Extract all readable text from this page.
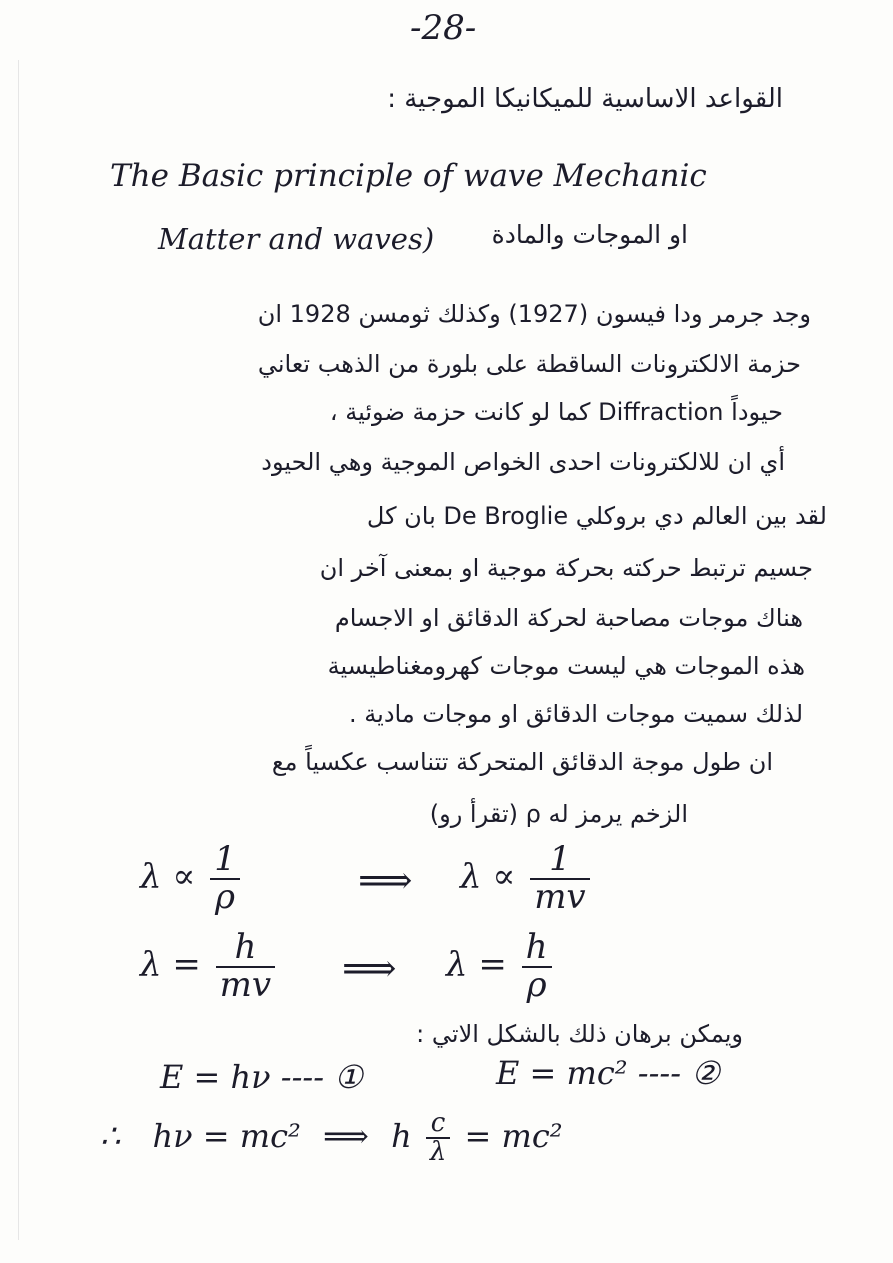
-28-
القواعد الاساسية للميكانيكا الموجية :
The Basic principle of wave Mechanic
Matter and waves) او الموجات والمادة
وجد جرمر ودا فيسون (1927) وكذلك ثومسن 1928 ان
حزمة الالكترونات الساقطة على بلورة من الذهب تعاني
حيوداً Diffraction كما لو كانت حزمة ضوئية ،
أي ان للالكترونات احدى الخواص الموجية وهي الحيود
لقد بين العالم دي بروكلي De Broglie بان كل
جسيم ترتبط حركته بحركة موجية او بمعنى آخر ان
هناك موجات مصاحبة لحركة الدقائق او الاجسام
هذه الموجات هي ليست موجات كهرومغناطيسية
لذلك سميت موجات الدقائق او موجات مادية .
ان طول موجة الدقائق المتحركة تتناسب عكسياً مع
الزخم يرمز له ρ (تقرأ رو)
$\lambda \propto \frac{1}{\rho}$	⟹ $\lambda \propto \frac{1}{mv}$
$\lambda = \frac{h}{mv}$ ⟹ $\lambda = \frac{h}{\rho}$
ويمكن برهان ذلك بالشكل الاتي :
E = hν ---- ①	E = mc² ---- ②
∴ hν = mc² ⟹ h $\frac{c}{\lambda} = mc^2$
